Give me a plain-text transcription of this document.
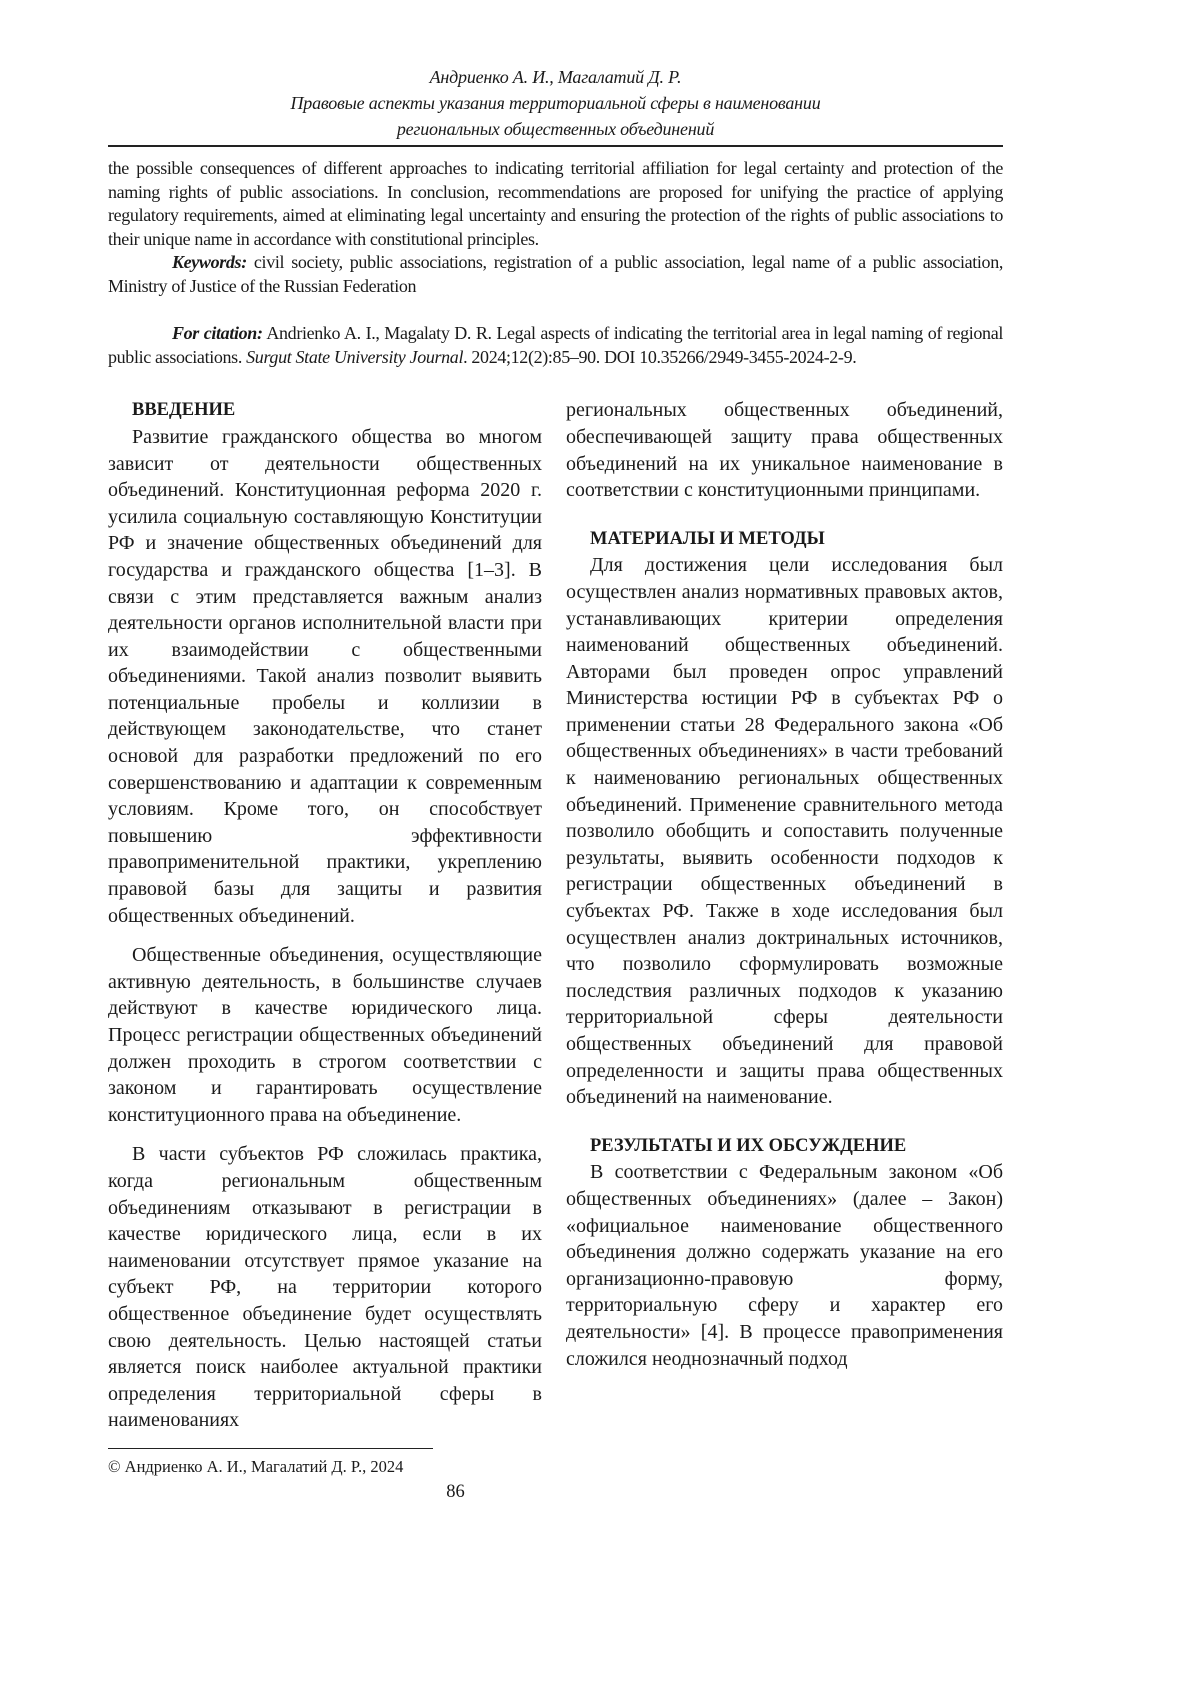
Андриенко А. И., Магалатий Д. Р.
Правовые аспекты указания территориальной сферы в наименовании
региональных общественных объединений

the possible consequences of different approaches to indicating territorial affiliation for legal certainty and protection of the naming rights of public associations. In conclusion, recommendations are proposed for unifying the practice of applying regulatory requirements, aimed at eliminating legal uncertainty and ensuring the protection of the rights of public associations to their unique name in accordance with constitutional principles.

Keywords: civil society, public associations, registration of a public association, legal name of a public association, Ministry of Justice of the Russian Federation

For citation: Andrienko A. I., Magalaty D. R. Legal aspects of indicating the territorial area in legal naming of regional public associations. Surgut State University Journal. 2024;12(2):85–90. DOI 10.35266/2949-3455-2024-2-9.

ВВЕДЕНИЕ

Развитие гражданского общества во многом зависит от деятельности общественных объединений. Конституционная реформа 2020 г. усилила социальную составляющую Конституции РФ и значение общественных объединений для государства и гражданского общества [1–3]. В связи с этим представляется важным анализ деятельности органов исполнительной власти при их взаимодействии с общественными объединениями. Такой анализ позволит выявить потенциальные пробелы и коллизии в действующем законодательстве, что станет основой для разработки предложений по его совершенствованию и адаптации к современным условиям. Кроме того, он способствует повышению эффективности правоприменительной практики, укреплению правовой базы для защиты и развития общественных объединений.

Общественные объединения, осуществляющие активную деятельность, в большинстве случаев действуют в качестве юридического лица. Процесс регистрации общественных объединений должен проходить в строгом соответствии с законом и гарантировать осуществление конституционного права на объединение.

В части субъектов РФ сложилась практика, когда региональным общественным объединениям отказывают в регистрации в качестве юридического лица, если в их наименовании отсутствует прямое указание на субъект РФ, на территории которого общественное объединение будет осуществлять свою деятельность. Целью настоящей статьи является поиск наиболее актуальной практики определения территориальной сферы в наименованиях

региональных общественных объединений, обеспечивающей защиту права общественных объединений на их уникальное наименование в соответствии с конституционными принципами.

МАТЕРИАЛЫ И МЕТОДЫ

Для достижения цели исследования был осуществлен анализ нормативных правовых актов, устанавливающих критерии определения наименований общественных объединений. Авторами был проведен опрос управлений Министерства юстиции РФ в субъектах РФ о применении статьи 28 Федерального закона «Об общественных объединениях» в части требований к наименованию региональных общественных объединений. Применение сравнительного метода позволило обобщить и сопоставить полученные результаты, выявить особенности подходов к регистрации общественных объединений в субъектах РФ. Также в ходе исследования был осуществлен анализ доктринальных источников, что позволило сформулировать возможные последствия различных подходов к указанию территориальной сферы деятельности общественных объединений для правовой определенности и защиты права общественных объединений на наименование.

РЕЗУЛЬТАТЫ И ИХ ОБСУЖДЕНИЕ

В соответствии с Федеральным законом «Об общественных объединениях» (далее – Закон) «официальное наименование общественного объединения должно содержать указание на его организационно-правовую форму, территориальную сферу и характер его деятельности» [4]. В процессе правоприменения сложился неоднозначный подход

© Андриенко А. И., Магалатий Д. Р., 2024
86
